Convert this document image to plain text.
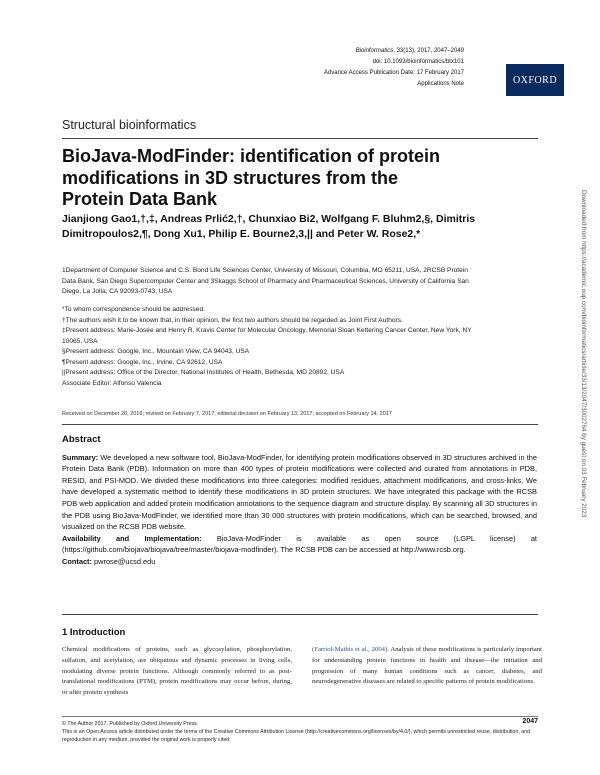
Bioinformatics, 33(13), 2017, 2047–2049
doi: 10.1093/bioinformatics/btx101
Advance Access Publication Date: 17 February 2017
Applications Note	OXFORD
Structural bioinformatics
BioJava-ModFinder: identification of protein modifications in 3D structures from the Protein Data Bank
Jianjiong Gao1,†,‡, Andreas Prlić2,†, Chunxiao Bi2, Wolfgang F. Bluhm2,§, Dimitris Dimitropoulos2,¶, Dong Xu1, Philip E. Bourne2,3,|| and Peter W. Rose2,*
1Department of Computer Science and C.S. Bond Life Sciences Center, University of Missouri, Columbia, MO 65211, USA, 2RCSB Protein Data Bank, San Diego Supercomputer Center and 3Skaggs School of Pharmacy and Pharmaceutical Sciences, University of California San Diego, La Jolla, CA 92093-0743, USA
*To whom correspondence should be addressed.
†The authors wish it to be known that, in their opinion, the first two authors should be regarded as Joint First Authors.
‡Present address: Marie-Josée and Henry R. Kravis Center for Molecular Oncology, Memorial Sloan Kettering Cancer Center, New York, NY 10065, USA
§Present address: Google, Inc., Mountain View, CA 94043, USA
¶Present address: Google, Inc., Irvine, CA 92612, USA
||Present address: Office of the Director, National Institutes of Health, Bethesda, MD 20892, USA
Associate Editor: Alfonso Valencia
Received on December 20, 2016; revised on February 7, 2017; editorial decision on February 13, 2017; accepted on February 14, 2017
Abstract
Summary: We developed a new software tool, BioJava-ModFinder, for identifying protein modifications observed in 3D structures archived in the Protein Data Bank (PDB). Information on more than 400 types of protein modifications were collected and curated from annotations in PDB, RESID, and PSI-MOD. We divided these modifications into three categories: modified residues, attachment modifications, and cross-links. We have developed a systematic method to identify these modifications in 3D protein structures. We have integrated this package with the RCSB PDB web application and added protein modification annotations to the sequence diagram and structure display. By scanning all 3D structures in the PDB using BioJava-ModFinder, we identified more than 30 000 structures with protein modifications, which can be searched, browsed, and visualized on the RCSB PDB website.
Availability and Implementation: BioJava-ModFinder is available as open source (LGPL license) at (https://github.com/biojava/biojava/tree/master/biojava-modfinder). The RCSB PDB can be accessed at http://www.rcsb.org.
Contact: pwrose@ucsd.edu
1 Introduction
Chemical modifications of proteins, such as glycosylation, phosphorylation, sulfation, and acetylation, are ubiquitous and dynamic processes in living cells, modulating diverse protein functions. Although commonly referred to as post-translational modifications (PTM), protein modifications may occur before, during, or after protein synthesis
(Farriol-Mathis et al., 2004). Analysis of these modifications is particularly important for understanding protein functions in health and disease—the initiation and progression of many human conditions such as cancer, diabetes, and neurodegenerative diseases are related to specific patterns of protein modifications.
© The Author 2017. Published by Oxford University Press.
This is an Open Access article distributed under the terms of the Creative Commons Attribution License (http://creativecommons.org/licenses/by/4.0/), which permits unrestricted reuse, distribution, and reproduction in any medium, provided the original work is properly cited.
2047
Downloaded from https://academic.oup.com/bioinformatics/article/33/13/2047/3002764 by guest on 03 February 2023
